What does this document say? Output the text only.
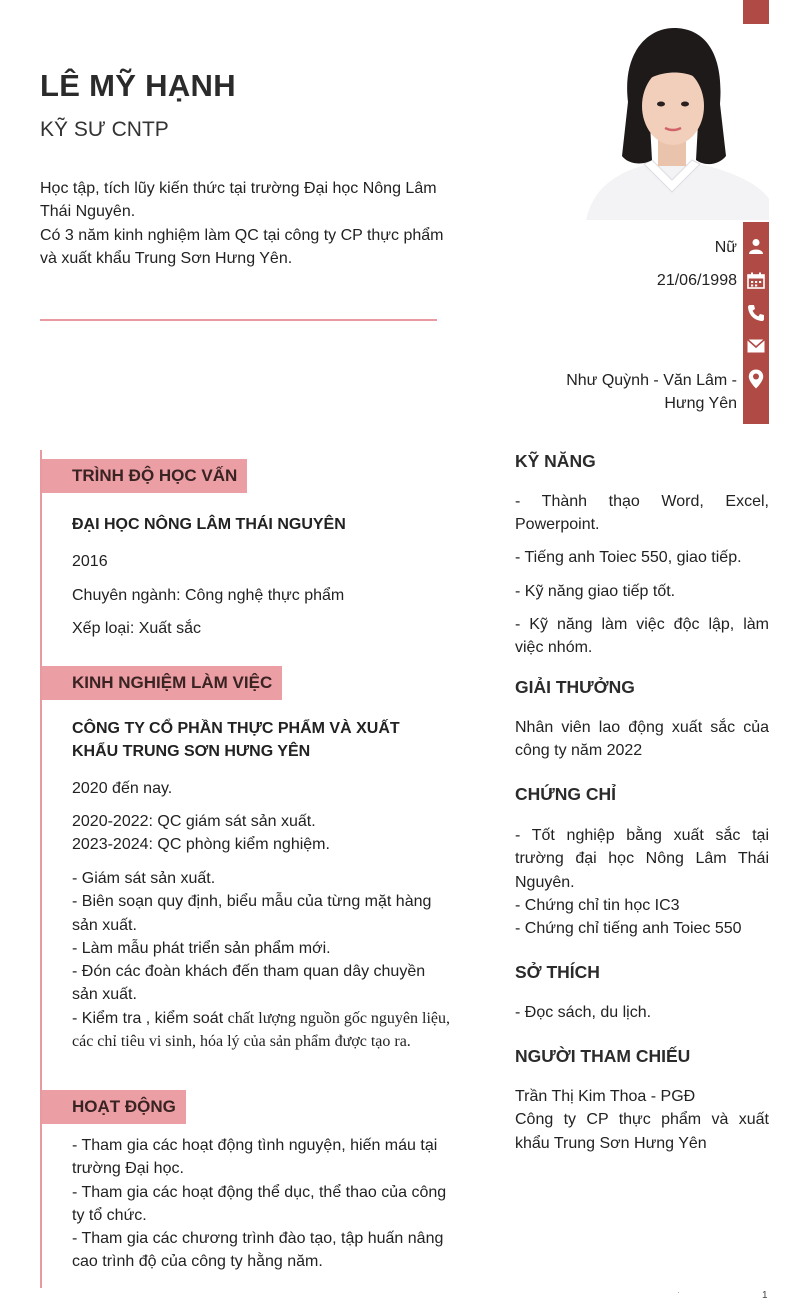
LÊ MỸ HẠNH
KỸ SƯ CNTP

Học tập, tích lũy kiến thức tại trường Đại học Nông Lâm Thái Nguyên.

Có 3 năm kinh nghiệm làm QC tại công ty CP thực phẩm và xuất khẩu Trung Sơn Hưng Yên.

Nữ
21/06/1998
Như Quỳnh - Văn Lâm -
Hưng Yên
TRÌNH ĐỘ HỌC VẤN
ĐẠI HỌC NÔNG LÂM THÁI NGUYÊN
2016
Chuyên ngành: Công nghệ thực phẩm
Xếp loại: Xuất sắc
KINH NGHIỆM LÀM VIỆC
CÔNG TY CỔ PHẦN THỰC PHẨM VÀ XUẤT KHẨU TRUNG SƠN HƯNG YÊN
2020 đến nay.

2020-2022: QC giám sát sản xuất.

2023-2024: QC phòng kiểm nghiệm.

- Giám sát sản xuất.

- Biên soạn quy định, biểu mẫu của từng mặt hàng sản xuất.

- Làm mẫu phát triển sản phẩm mới.

- Đón các đoàn khách đến tham quan dây chuyền sản xuất.

- Kiểm tra , kiểm soát chất lượng nguồn gốc nguyên liệu, các chỉ tiêu vi sinh, hóa lý của sản phẩm được tạo ra.

HOẠT ĐỘNG

- Tham gia các hoạt động tình nguyện, hiến máu tại trường Đại học.

- Tham gia các hoạt động thể dục, thể thao của công ty tổ chức.

- Tham gia các chương trình đào tạo, tập huấn nâng cao trình độ của công ty hằng năm.

KỸ NĂNG
- Thành thạo Word, Excel, Powerpoint.
- Tiếng anh Toiec 550, giao tiếp.
- Kỹ năng giao tiếp tốt.
- Kỹ năng làm việc độc lập, làm việc nhóm.
GIẢI THƯỞNG
Nhân viên lao động xuất sắc của công ty năm 2022
CHỨNG CHỈ

- Tốt nghiệp bằng xuất sắc tại trường đại học Nông Lâm Thái Nguyên.

- Chứng chỉ tin học IC3

- Chứng chỉ tiếng anh Toiec 550

SỞ THÍCH
- Đọc sách, du lịch.
NGƯỜI THAM CHIẾU

Trần Thị Kim Thoa - PGĐ

Công ty CP thực phẩm và xuất khẩu Trung Sơn Hưng Yên

·	1
